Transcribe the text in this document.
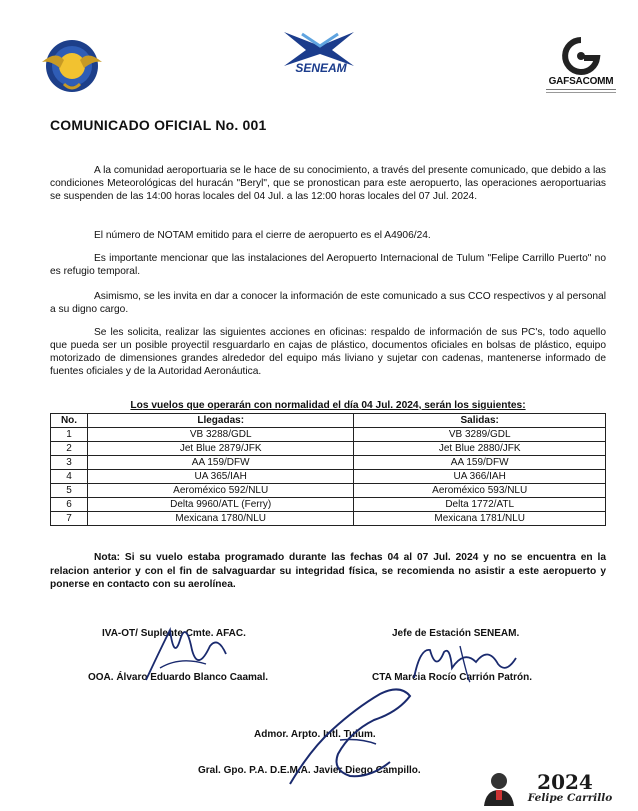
SENEAM
GAFSACOMM
COMUNICADO OFICIAL No. 001

A la comunidad aeroportuaria se le hace de su conocimiento, a través del presente comunicado, que debido a las condiciones Meteorológicas del huracán "Beryl", que se pronostican para este aeropuerto, las operaciones aeroportuarias se suspenden de las 14:00 horas locales del 04 Jul. a las 12:00 horas locales del 07 Jul. 2024.

El número de NOTAM emitido para el cierre de aeropuerto es el A4906/24.

Es importante mencionar que las instalaciones del Aeropuerto Internacional de Tulum "Felipe Carrillo Puerto" no es refugio temporal.

Asimismo, se les invita en dar a conocer la información de este comunicado a sus CCO respectivos y al personal a su digno cargo.

Se les solicita, realizar las siguientes acciones en oficinas: respaldo de información de sus PC's, todo aquello que pueda ser un posible proyectil resguardarlo en cajas de plástico, documentos oficiales en bolsas de plástico, equipo motorizado de dimensiones grandes alrededor del equipo más liviano y sujetar con cadenas, mantenerse informado de fuentes oficiales y de la Autoridad Aeronáutica.

Los vuelos que operarán con normalidad el día 04 Jul. 2024, serán los siguientes:
No.	Llegadas:	Salidas:
1	VB 3288/GDL	VB 3289/GDL
2	Jet Blue 2879/JFK	Jet Blue 2880/JFK
3	AA 159/DFW	AA 159/DFW
4	UA 365/IAH	UA 366/IAH
5	Aeroméxico 592/NLU	Aeroméxico 593/NLU
6	Delta 9960/ATL (Ferry)	Delta 1772/ATL
7	Mexicana 1780/NLU	Mexicana 1781/NLU
Nota: Si su vuelo estaba programado durante las fechas 04 al 07 Jul. 2024 y no se encuentra en la relacion anterior y con el fin de salvaguardar su integridad física, se recomienda no asistir a este aeropuerto y ponerse en contacto con su aerolínea.
IVA-OT/ Suplente Cmte. AFAC.
OOA. Álvaro Eduardo Blanco Caamal.
Jefe de Estación SENEAM.
CTA Marcia Rocío Carrión Patrón.
Admor. Arpto. Intl. Tulum.
Gral. Gpo. P.A. D.E.M.A. Javier Diego Campillo.	2024
Felipe Carrillo
